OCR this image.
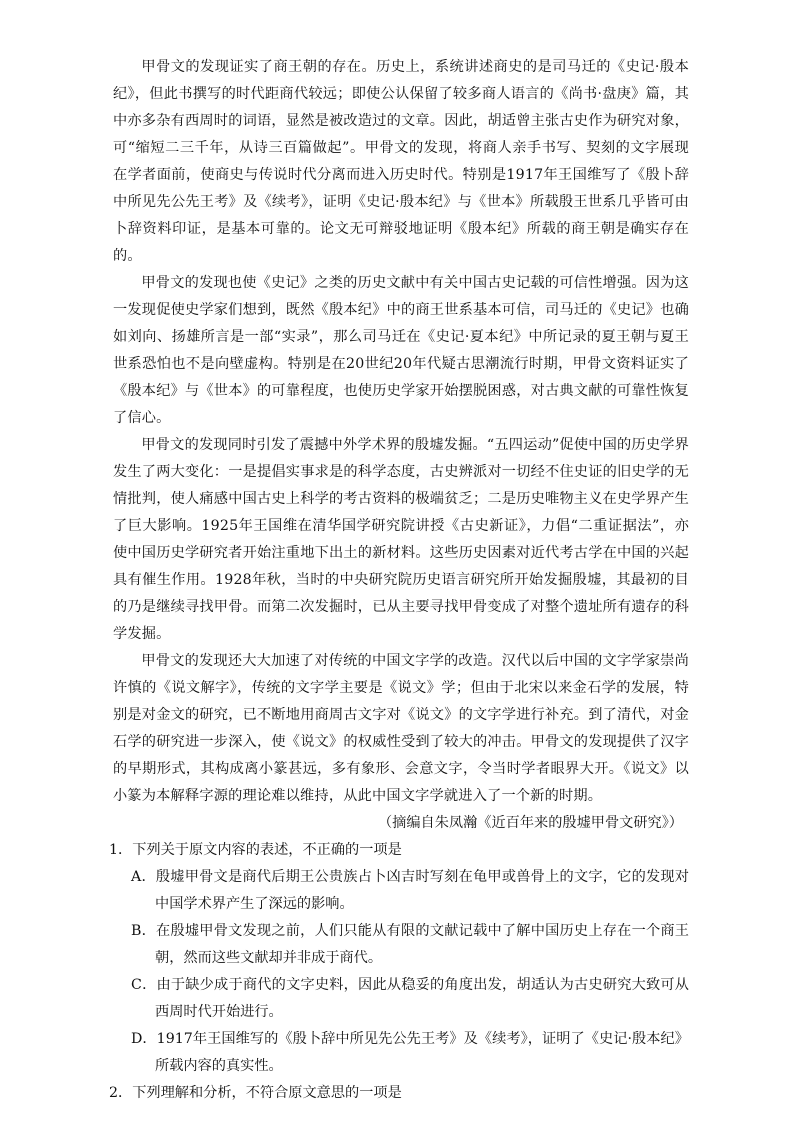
甲骨文的发现证实了商王朝的存在。历史上，系统讲述商史的是司马迁的《史记·殷本纪》，但此书撰写的时代距商代较远；即使公认保留了较多商人语言的《尚书·盘庚》篇，其中亦多杂有西周时的词语，显然是被改造过的文章。因此，胡适曾主张古史作为研究对象，可“缩短二三千年，从诗三百篇做起”。甲骨文的发现，将商人亲手书写、契刻的文字展现在学者面前，使商史与传说时代分离而进入历史时代。特别是1917年王国维写了《殷卜辞中所见先公先王考》及《续考》，证明《史记·殷本纪》与《世本》所载殷王世系几乎皆可由卜辞资料印证，是基本可靠的。论文无可辩驳地证明《殷本纪》所载的商王朝是确实存在的。

甲骨文的发现也使《史记》之类的历史文献中有关中国古史记载的可信性增强。因为这一发现促使史学家们想到，既然《殷本纪》中的商王世系基本可信，司马迁的《史记》也确如刘向、扬雄所言是一部“实录”，那么司马迁在《史记·夏本纪》中所记录的夏王朝与夏王世系恐怕也不是向壁虚构。特别是在20世纪20年代疑古思潮流行时期，甲骨文资料证实了《殷本纪》与《世本》的可靠程度，也使历史学家开始摆脱困惑，对古典文献的可靠性恢复了信心。

甲骨文的发现同时引发了震撼中外学术界的殷墟发掘。“五四运动”促使中国的历史学界发生了两大变化：一是提倡实事求是的科学态度，古史辨派对一切经不住史证的旧史学的无情批判，使人痛感中国古史上科学的考古资料的极端贫乏；二是历史唯物主义在史学界产生了巨大影响。1925年王国维在清华国学研究院讲授《古史新证》，力倡“二重证据法”，亦使中国历史学研究者开始注重地下出土的新材料。这些历史因素对近代考古学在中国的兴起具有催生作用。1928年秋，当时的中央研究院历史语言研究所开始发掘殷墟，其最初的目的乃是继续寻找甲骨。而第二次发掘时，已从主要寻找甲骨变成了对整个遗址所有遗存的科学发掘。

甲骨文的发现还大大加速了对传统的中国文字学的改造。汉代以后中国的文字学家崇尚许慎的《说文解字》，传统的文字学主要是《说文》学；但由于北宋以来金石学的发展，特别是对金文的研究，已不断地用商周古文字对《说文》的文字学进行补充。到了清代，对金石学的研究进一步深入，使《说文》的权威性受到了较大的冲击。甲骨文的发现提供了汉字的早期形式，其构成离小篆甚远，多有象形、会意文字，令当时学者眼界大开。《说文》以小篆为本解释字源的理论难以维持，从此中国文字学就进入了一个新的时期。

（摘编自朱凤瀚《近百年来的殷墟甲骨文研究》）

1．下列关于原文内容的表述，不正确的一项是

A．殷墟甲骨文是商代后期王公贵族占卜凶吉时写刻在龟甲或兽骨上的文字，它的发现对中国学术界产生了深远的影响。

B．在殷墟甲骨文发现之前，人们只能从有限的文献记载中了解中国历史上存在一个商王朝，然而这些文献却并非成于商代。

C．由于缺少成于商代的文字史料，因此从稳妥的角度出发，胡适认为古史研究大致可从西周时代开始进行。

D．1917年王国维写的《殷卜辞中所见先公先王考》及《续考》，证明了《史记·殷本纪》所载内容的真实性。

2．下列理解和分析，不符合原文意思的一项是
